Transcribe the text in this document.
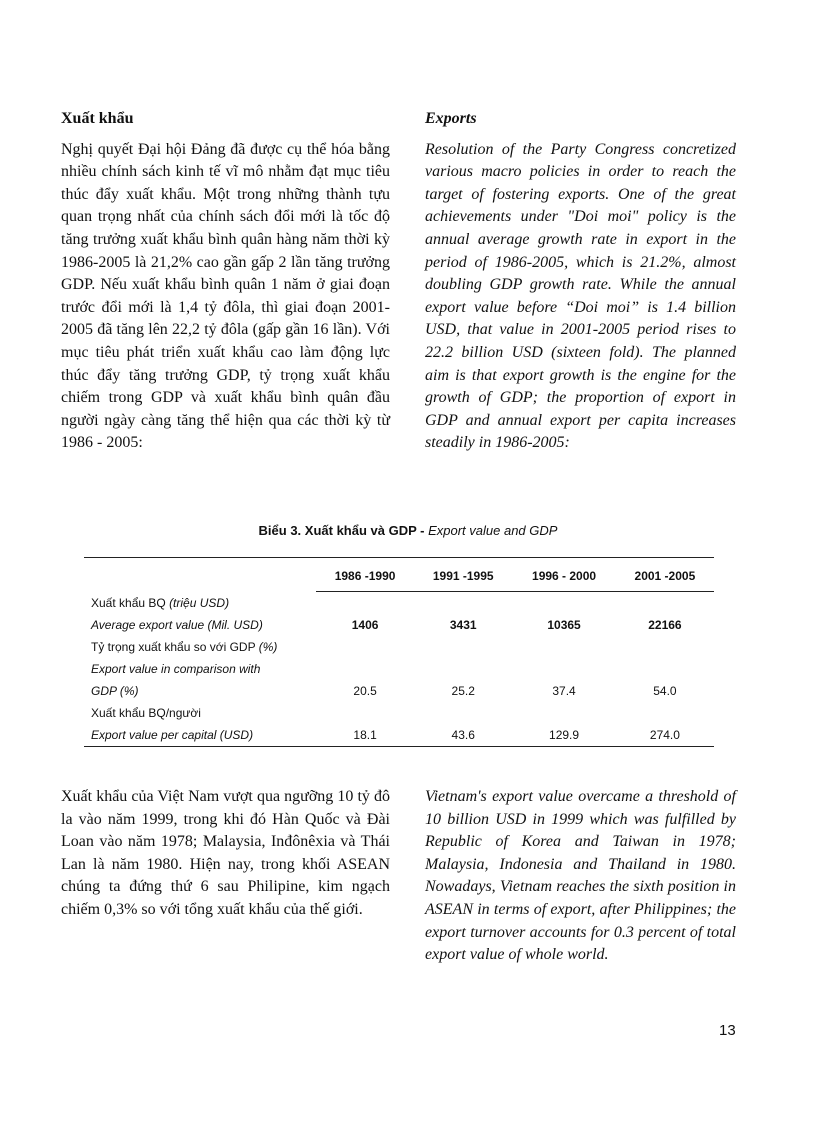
Xuất khẩu

Nghị quyết Đại hội Đảng đã được cụ thể hóa bằng nhiều chính sách kinh tế vĩ mô nhằm đạt mục tiêu thúc đẩy xuất khẩu. Một trong những thành tựu quan trọng nhất của chính sách đổi mới là tốc độ tăng trưởng xuất khẩu bình quân hàng năm thời kỳ 1986-2005 là 21,2% cao gần gấp 2 lần tăng trưởng GDP. Nếu xuất khẩu bình quân 1 năm ở giai đoạn trước đổi mới là 1,4 tỷ đôla, thì giai đoạn 2001-2005 đã tăng lên 22,2 tỷ đôla (gấp gần 16 lần). Với mục tiêu phát triển xuất khẩu cao làm động lực thúc đẩy tăng trưởng GDP, tỷ trọng xuất khẩu chiếm trong GDP và xuất khẩu bình quân đầu người ngày càng tăng thể hiện qua các thời kỳ từ 1986 - 2005:

Exports

Resolution of the Party Congress concretized various macro policies in order to reach the target of fostering exports. One of the great achievements under "Doi moi" policy is the annual average growth rate in export in the period of 1986-2005, which is 21.2%, almost doubling GDP growth rate. While the annual export value before “Doi moi” is 1.4 billion USD, that value in 2001-2005 period rises to 22.2 billion USD (sixteen fold). The planned aim is that export growth is the engine for the growth of GDP; the proportion of export in GDP and annual export per capita increases steadily in 1986-2005:

Biểu 3. Xuất khẩu và GDP - Export value and GDP
	1986 -1990	1991 -1995	1996 - 2000	2001 -2005

Xuất khẩu BQ (triệu USD)				
Average export value (Mil. USD)	1406	3431	10365	22166
Tỷ trọng xuất khẩu so với GDP (%)				
Export value in comparison with				
GDP (%)	20.5	25.2	37.4	54.0
Xuất khẩu BQ/người				
Export value per capital (USD)	18.1	43.6	129.9	274.0

Xuất khẩu của Việt Nam vượt qua ngưỡng 10 tỷ đô la vào năm 1999, trong khi đó Hàn Quốc và Đài Loan vào năm 1978; Malaysia, Inđônêxia và Thái Lan là năm 1980. Hiện nay, trong khối ASEAN chúng ta đứng thứ 6 sau Philipine, kim ngạch chiếm 0,3% so với tổng xuất khẩu của thế giới.

Vietnam's export value overcame a threshold of 10 billion USD in 1999 which was fulfilled by Republic of Korea and Taiwan in 1978; Malaysia, Indonesia and Thailand in 1980. Nowadays, Vietnam reaches the sixth position in ASEAN in terms of export, after Philippines; the export turnover accounts for 0.3 percent of total export value of whole world.

13
